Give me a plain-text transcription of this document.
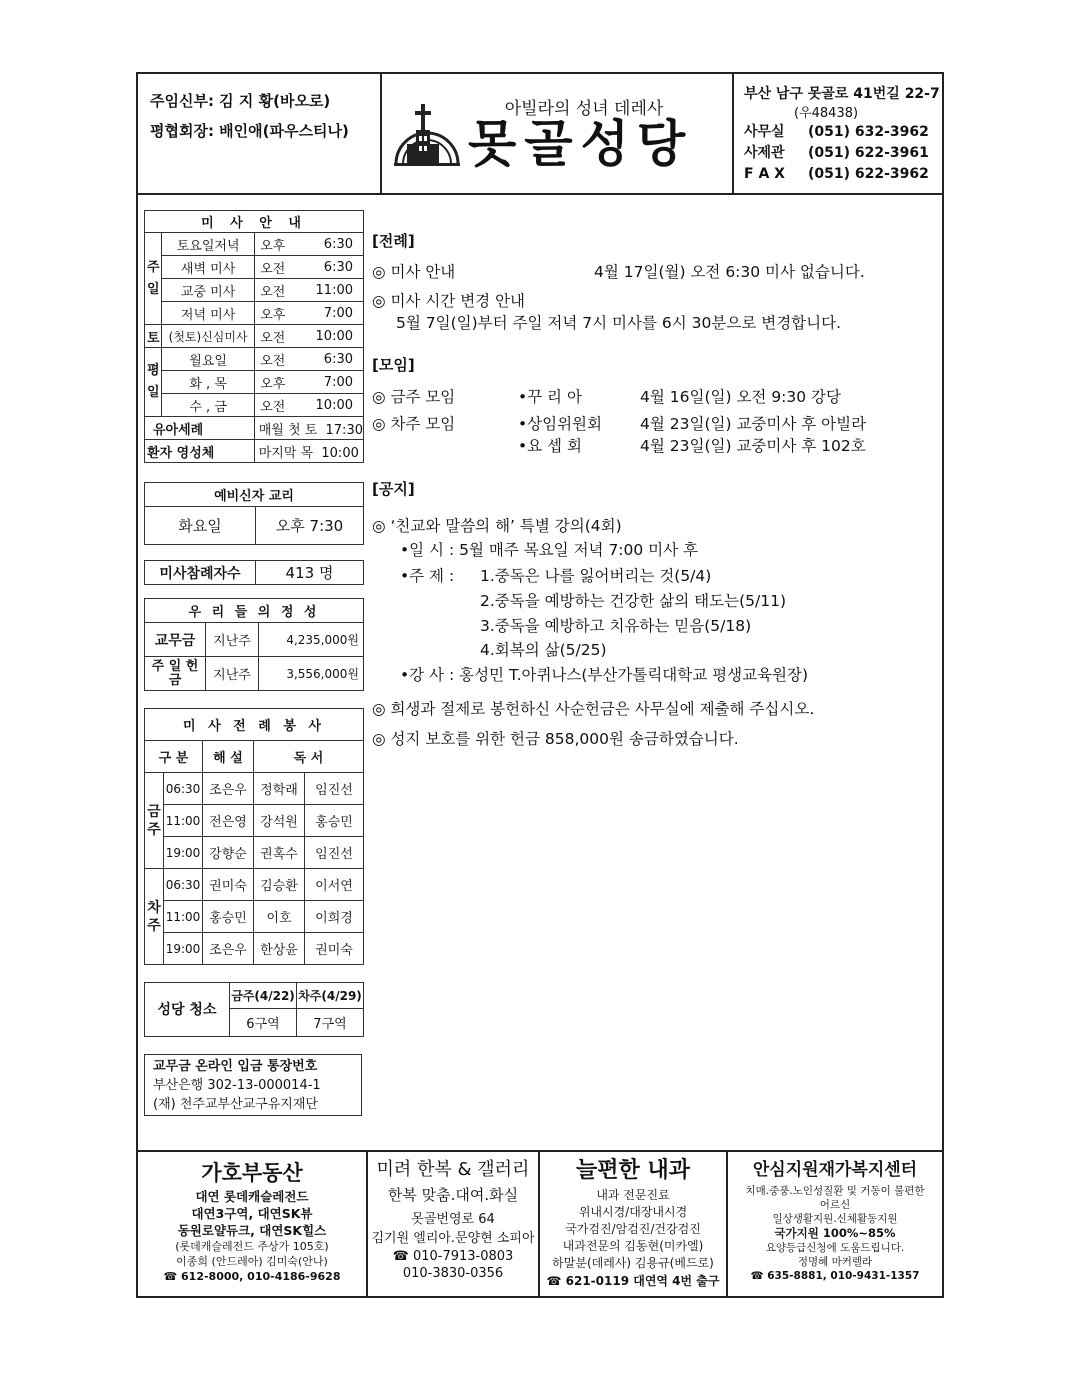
주임신부: 김 지 황(바오로)
평협회장: 배인애(파우스티나)
아빌라의 성녀 데레사
못골성당
부산 남구 못골로 41번길 22-7
(우48438)
사무실 (051) 632-3962
사제관 (051) 622-3961
F A X (051) 622-3962
미 사 안 내			
주일	토요일저녁	오후	6:30
	새벽 미사	오전	6:30
	교중 미사	오전	11:00
	저녁 미사	오후	7:00
토	(첫토)신심미사	오전	10:00
평일	월요일	오전	6:30
	화 , 목	오후	7:00
	수 , 금	오전	10:00
유아세례		매월 첫 토 17:30	
환자 영성체		마지막 목 10:00	
예비신자 교리
화요일	오후 7:30
미사참례자수	413 명
우 리 들 의 정 성		
교무금	지난주	4,235,000원
주 일 헌 금	지난주	3,556,000원
미 사 전 례 봉 사				
구 분		해 설	독 서	
금주	06:30	조은우	정학래	임진선
	11:00	전은영	강석원	홍승민
	19:00	강향순	권혹수	임진선
차주	06:30	권미숙	김승환	이서연
	11:00	홍승민	이호	이희경
	19:00	조은우	한상윤	권미숙
성당 청소	금주(4/22)	차주(4/29)
	6구역	7구역
교무금 온라인 입금 통장번호
부산은행 302-13-000014-1
(재) 천주교부산교구유지재단
[전례]
◎ 미사 안내	4월 17일(월) 오전 6:30 미사 없습니다.
◎ 미사 시간 변경 안내
5월 7일(일)부터 주일 저녁 7시 미사를 6시 30분으로 변경합니다.
[모임]
◎ 금주 모임	•꾸 리 아	4월 16일(일) 오전 9:30 강당
◎ 차주 모임	•상임위원회 4월 23일(일) 교중미사 후 아빌라
•요 셉 회	4월 23일(일) 교중미사 후 102호
[공지]
◎ ‘친교와 말씀의 해’ 특별 강의(4회)
•일 시 : 5월 매주 목요일 저녁 7:00 미사 후
•주 제 : 1.중독은 나를 잃어버리는 것(5/4)
2.중독을 예방하는 건강한 삶의 태도는(5/11)
3.중독을 예방하고 치유하는 믿음(5/18)
4.회복의 삶(5/25)
•강 사 : 홍성민 T.아퀴나스(부산가톨릭대학교 평생교육원장)
◎ 희생과 절제로 봉헌하신 사순헌금은 사무실에 제출해 주십시오.
◎ 성지 보호를 위한 헌금 858,000원 송금하였습니다.
가호부동산
대연 롯데캐슬레전드
대연3구역, 대연SK뷰
동원로얄듀크, 대연SK힐스
(롯데캐슬레전드 주상가 105호)
이종희 (안드레아) 김미숙(안나)
☎ 612-8000, 010-4186-9628
미려 한복 & 갤러리
한복 맞춤.대여.화실
못골번영로 64
김기원 엘리아.문양현 소피아
☎ 010-7913-0803
010-3830-0356
늘편한 내과
내과 전문진료
위내시경/대장내시경
국가검진/암검진/건강검진
내과전문의 김동현(미카엘)
하말분(데레사) 김용규(베드로)
☎ 621-0119 대연역 4번 출구
안심지원재가복지센터
치매.중풍.노인성질환 및 거동이 불편한
어르신
일상생활지원.신체활동지원
국가지원 100%~85%
요양등급신청에 도움드립니다.
정명혜 마커렐라
☎ 635-8881, 010-9431-1357
